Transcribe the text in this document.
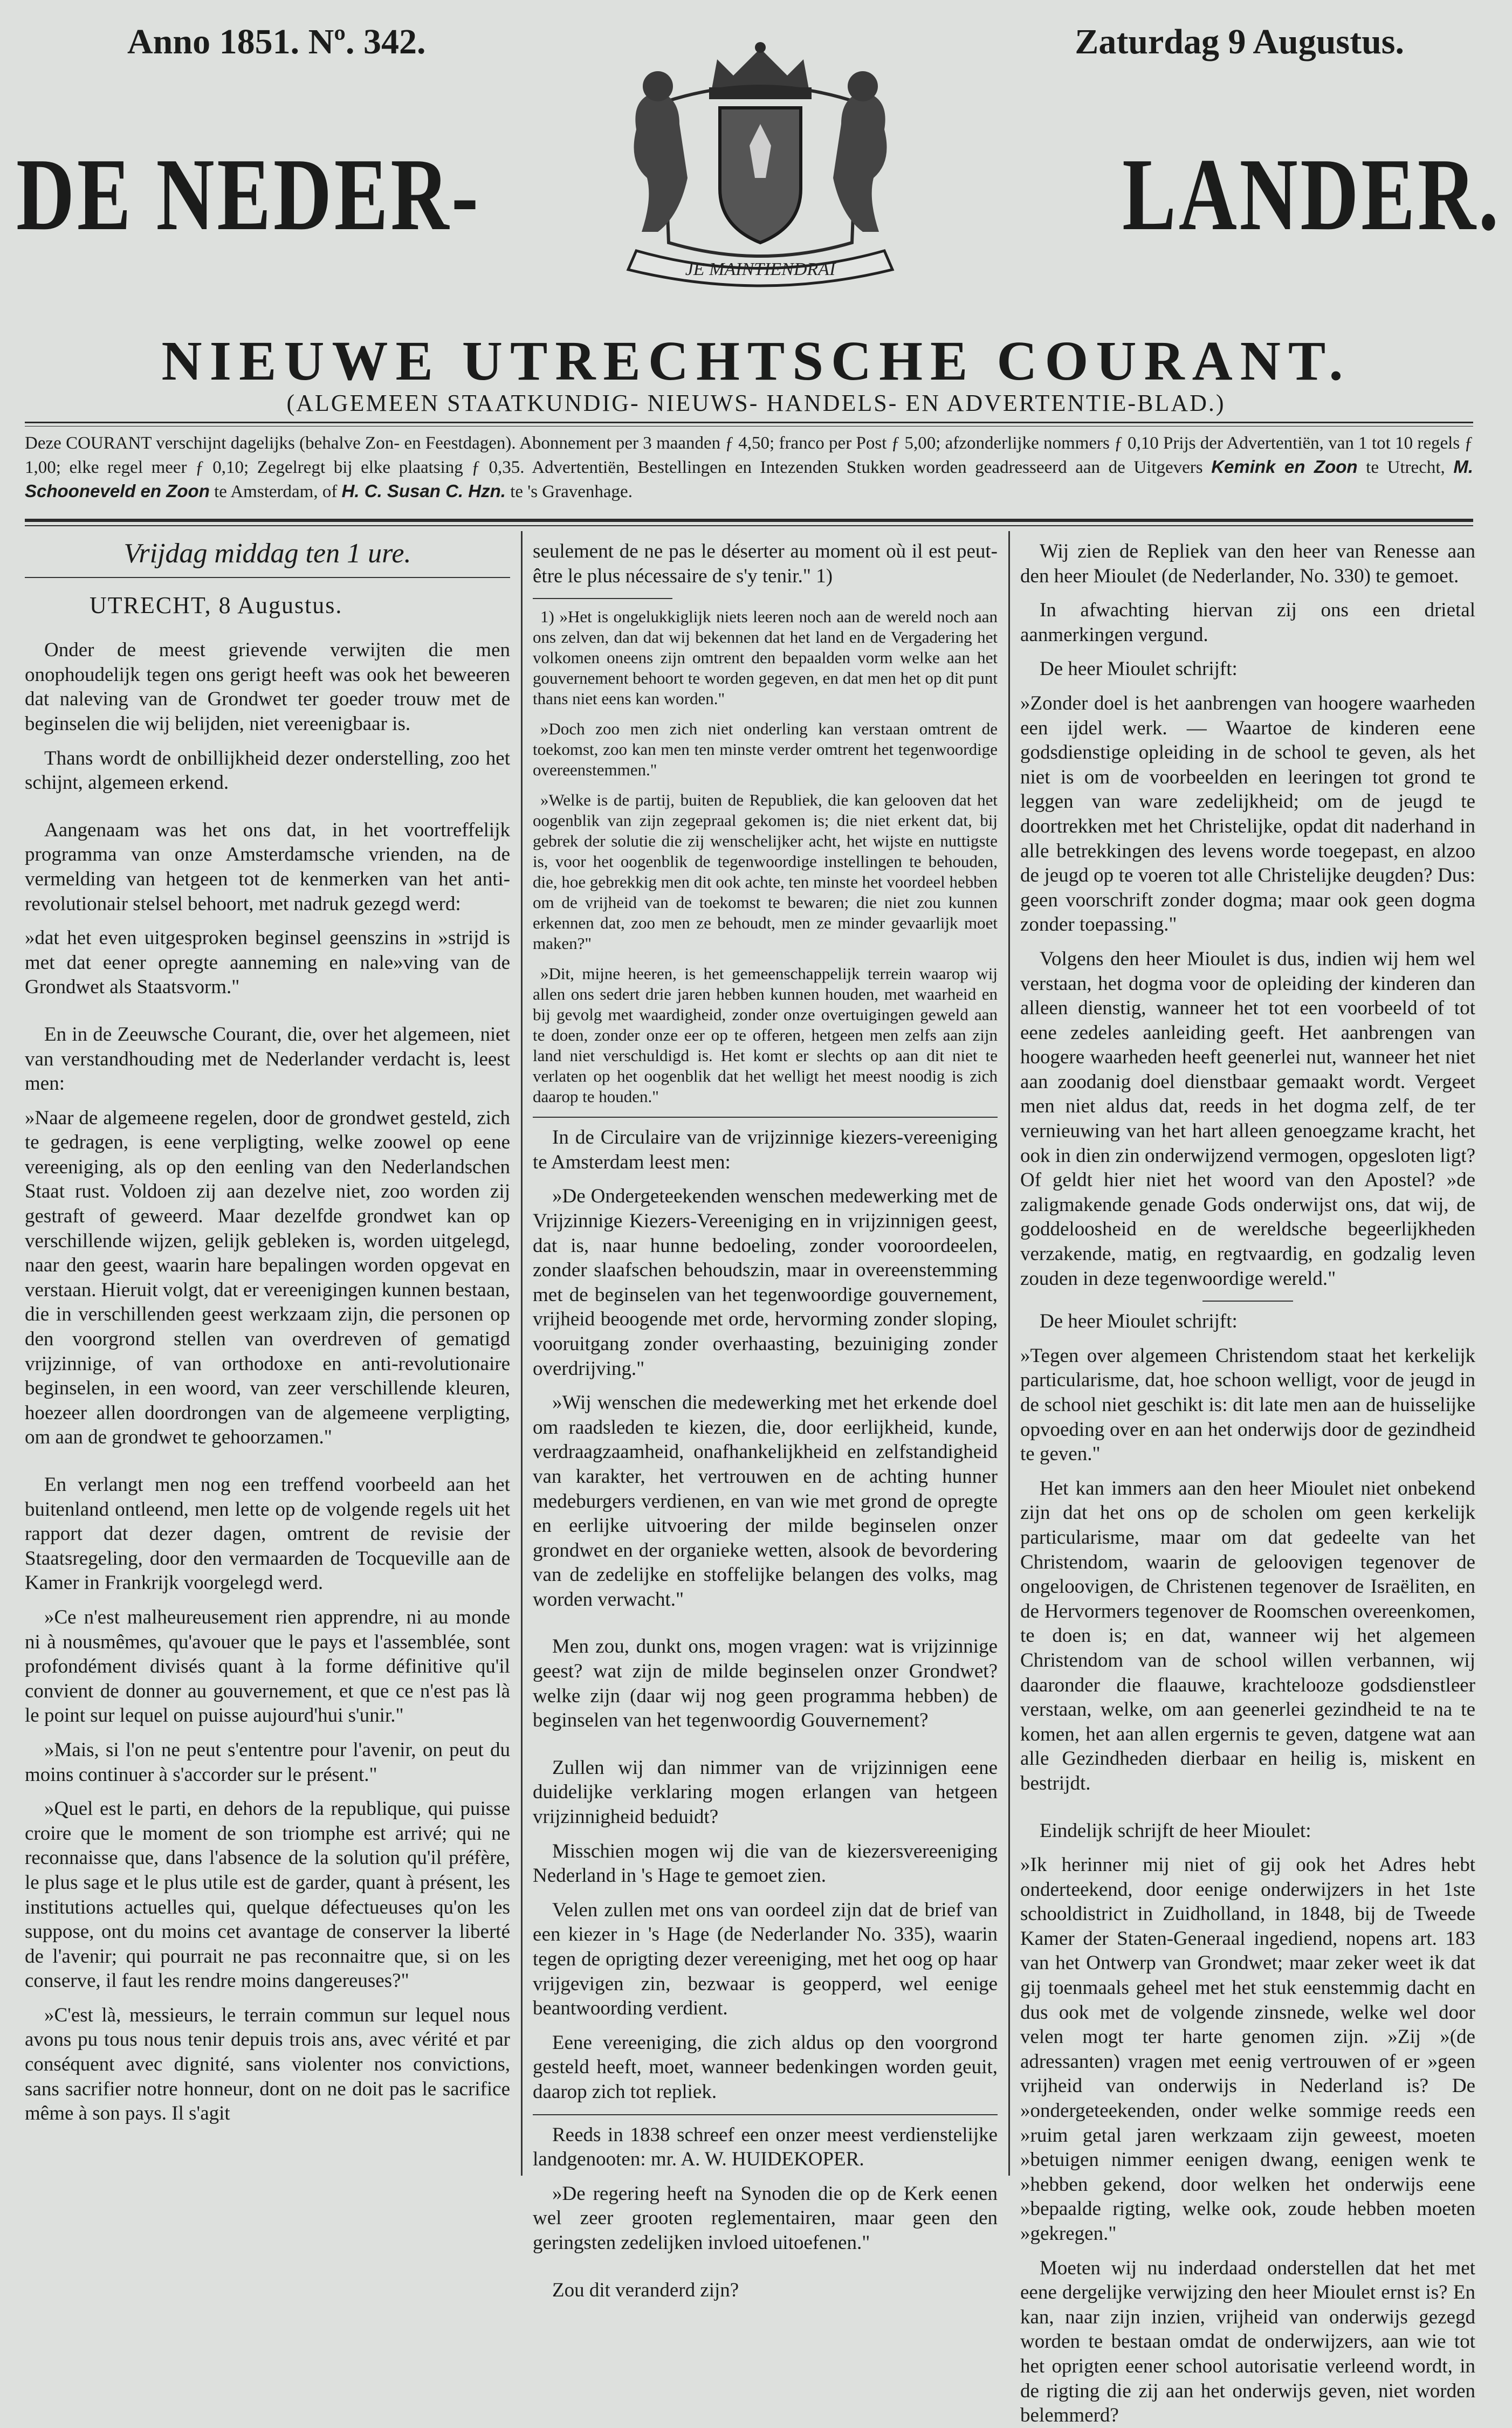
Anno 1851. Nº. 342.	Zaturdag 9 Augustus.
DE NEDER-	LANDER.
JE MAINTIENDRAI
NIEUWE UTRECHTSCHE COURANT.
(ALGEMEEN STAATKUNDIG- NIEUWS- HANDELS- EN ADVERTENTIE-BLAD.)
Deze COURANT verschijnt dagelijks (behalve Zon- en Feestdagen). Abonnement per 3 maanden ƒ 4,50; franco per Post ƒ 5,00; afzonderlijke nommers ƒ 0,10 Prijs der Advertentiën, van 1 tot 10 regels ƒ 1,00; elke regel meer ƒ 0,10; Zegelregt bij elke plaatsing ƒ 0,35. Advertentiën, Bestellingen en Intezenden Stukken worden geadresseerd aan de Uitgevers Kemink en Zoon te Utrecht, M. Schooneveld en Zoon te Amsterdam, of H. C. Susan C. Hzn. te 's Gravenhage.

Vrijdag middag ten 1 ure.

UTRECHT, 8 Augustus.

Onder de meest grievende verwijten die men onophoudelijk tegen ons gerigt heeft was ook het beweeren dat naleving van de Grondwet ter goeder trouw met de beginselen die wij belijden, niet vereenigbaar is.

Thans wordt de onbillijkheid dezer onderstelling, zoo het schijnt, algemeen erkend.

Aangenaam was het ons dat, in het voortreffelijk programma van onze Amsterdamsche vrienden, na de vermelding van hetgeen tot de kenmerken van het anti-revolutionair stelsel behoort, met nadruk gezegd werd:

»dat het even uitgesproken beginsel geenszins in »strijd is met dat eener opregte aanneming en nale»ving van de Grondwet als Staatsvorm."

En in de Zeeuwsche Courant, die, over het algemeen, niet van verstandhouding met de Nederlander verdacht is, leest men:

»Naar de algemeene regelen, door de grondwet gesteld, zich te gedragen, is eene verpligting, welke zoowel op eene vereeniging, als op den eenling van den Nederlandschen Staat rust. Voldoen zij aan dezelve niet, zoo worden zij gestraft of geweerd. Maar dezelfde grondwet kan op verschillende wijzen, gelijk gebleken is, worden uitgelegd, naar den geest, waarin hare bepalingen worden opgevat en verstaan. Hieruit volgt, dat er vereenigingen kunnen bestaan, die in verschillenden geest werkzaam zijn, die personen op den voorgrond stellen van overdreven of gematigd vrijzinnige, of van orthodoxe en anti-revolutionaire beginselen, in een woord, van zeer verschillende kleuren, hoezeer allen doordrongen van de algemeene verpligting, om aan de grondwet te gehoorzamen."

En verlangt men nog een treffend voorbeeld aan het buitenland ontleend, men lette op de volgende regels uit het rapport dat dezer dagen, omtrent de revisie der Staatsregeling, door den vermaarden de Tocqueville aan de Kamer in Frankrijk voorgelegd werd.

»Ce n'est malheureusement rien apprendre, ni au monde ni à nousmêmes, qu'avouer que le pays et l'assemblée, sont profondément divisés quant à la forme définitive qu'il convient de donner au gouvernement, et que ce n'est pas là le point sur lequel on puisse aujourd'hui s'unir."

»Mais, si l'on ne peut s'ententre pour l'avenir, on peut du moins continuer à s'accorder sur le présent."

»Quel est le parti, en dehors de la republique, qui puisse croire que le moment de son triomphe est arrivé; qui ne reconnaisse que, dans l'absence de la solution qu'il préfère, le plus sage et le plus utile est de garder, quant à présent, les institutions actuelles qui, quelque défectueuses qu'on les suppose, ont du moins cet avantage de conserver la liberté de l'avenir; qui pourrait ne pas reconnaitre que, si on les conserve, il faut les rendre moins dangereuses?"

»C'est là, messieurs, le terrain commun sur lequel nous avons pu tous nous tenir depuis trois ans, avec vérité et par conséquent avec dignité, sans violenter nos convictions, sans sacrifier notre honneur, dont on ne doit pas le sacrifice même à son pays. Il s'agit

seulement de ne pas le déserter au moment où il est peut-être le plus nécessaire de s'y tenir." 1)

1) »Het is ongelukkiglijk niets leeren noch aan de wereld noch aan ons zelven, dan dat wij bekennen dat het land en de Vergadering het volkomen oneens zijn omtrent den bepaalden vorm welke aan het gouvernement behoort te worden gegeven, en dat men het op dit punt thans niet eens kan worden."

»Doch zoo men zich niet onderling kan verstaan omtrent de toekomst, zoo kan men ten minste verder omtrent het tegenwoordige overeenstemmen."

»Welke is de partij, buiten de Republiek, die kan gelooven dat het oogenblik van zijn zegepraal gekomen is; die niet erkent dat, bij gebrek der solutie die zij wenschelijker acht, het wijste en nuttigste is, voor het oogenblik de tegenwoordige instellingen te behouden, die, hoe gebrekkig men dit ook achte, ten minste het voordeel hebben om de vrijheid van de toekomst te bewaren; die niet zou kunnen erkennen dat, zoo men ze behoudt, men ze minder gevaarlijk moet maken?"

»Dit, mijne heeren, is het gemeenschappelijk terrein waarop wij allen ons sedert drie jaren hebben kunnen houden, met waarheid en bij gevolg met waardigheid, zonder onze overtuigingen geweld aan te doen, zonder onze eer op te offeren, hetgeen men zelfs aan zijn land niet verschuldigd is. Het komt er slechts op aan dit niet te verlaten op het oogenblik dat het welligt het meest noodig is zich daarop te houden."

In de Circulaire van de vrijzinnige kiezers-vereeniging te Amsterdam leest men:

»De Ondergeteekenden wenschen medewerking met de Vrijzinnige Kiezers-Vereeniging en in vrijzinnigen geest, dat is, naar hunne bedoeling, zonder vooroordeelen, zonder slaafschen behoudszin, maar in overeenstemming met de beginselen van het tegenwoordige gouvernement, vrijheid beoogende met orde, hervorming zonder sloping, vooruitgang zonder overhaasting, bezuiniging zonder overdrijving."

»Wij wenschen die medewerking met het erkende doel om raadsleden te kiezen, die, door eerlijkheid, kunde, verdraagzaamheid, onafhankelijkheid en zelfstandigheid van karakter, het vertrouwen en de achting hunner medeburgers verdienen, en van wie met grond de opregte en eerlijke uitvoering der milde beginselen onzer grondwet en der organieke wetten, alsook de bevordering van de zedelijke en stoffelijke belangen des volks, mag worden verwacht."

Men zou, dunkt ons, mogen vragen: wat is vrijzinnige geest? wat zijn de milde beginselen onzer Grondwet? welke zijn (daar wij nog geen programma hebben) de beginselen van het tegenwoordig Gouvernement?

Zullen wij dan nimmer van de vrijzinnigen eene duidelijke verklaring mogen erlangen van hetgeen vrijzinnigheid beduidt?

Misschien mogen wij die van de kiezersvereeniging Nederland in 's Hage te gemoet zien.

Velen zullen met ons van oordeel zijn dat de brief van een kiezer in 's Hage (de Nederlander No. 335), waarin tegen de oprigting dezer vereeniging, met het oog op haar vrijgevigen zin, bezwaar is geopperd, wel eenige beantwoording verdient.

Eene vereeniging, die zich aldus op den voorgrond gesteld heeft, moet, wanneer bedenkingen worden geuit, daarop zich tot repliek.

Reeds in 1838 schreef een onzer meest verdienstelijke landgenooten: mr. A. W. HUIDEKOPER.

»De regering heeft na Synoden die op de Kerk eenen wel zeer grooten reglementairen, maar geen den geringsten zedelijken invloed uitoefenen."

Zou dit veranderd zijn?

Wij zien de Repliek van den heer van Renesse aan den heer Mioulet (de Nederlander, No. 330) te gemoet.

In afwachting hiervan zij ons een drietal aanmerkingen vergund.

De heer Mioulet schrijft:

»Zonder doel is het aanbrengen van hoogere waarheden een ijdel werk. — Waartoe de kinderen eene godsdienstige opleiding in de school te geven, als het niet is om de voorbeelden en leeringen tot grond te leggen van ware zedelijkheid; om de jeugd te doortrekken met het Christelijke, opdat dit naderhand in alle betrekkingen des levens worde toegepast, en alzoo de jeugd op te voeren tot alle Christelijke deugden? Dus: geen voorschrift zonder dogma; maar ook geen dogma zonder toepassing."

Volgens den heer Mioulet is dus, indien wij hem wel verstaan, het dogma voor de opleiding der kinderen dan alleen dienstig, wanneer het tot een voorbeeld of tot eene zedeles aanleiding geeft. Het aanbrengen van hoogere waarheden heeft geenerlei nut, wanneer het niet aan zoodanig doel dienstbaar gemaakt wordt. Vergeet men niet aldus dat, reeds in het dogma zelf, de ter vernieuwing van het hart alleen genoegzame kracht, het ook in dien zin onderwijzend vermogen, opgesloten ligt? Of geldt hier niet het woord van den Apostel? »de zaligmakende genade Gods onderwijst ons, dat wij, de goddeloosheid en de wereldsche begeerlijkheden verzakende, matig, en regtvaardig, en godzalig leven zouden in deze tegenwoordige wereld."

De heer Mioulet schrijft:

»Tegen over algemeen Christendom staat het kerkelijk particularisme, dat, hoe schoon welligt, voor de jeugd in de school niet geschikt is: dit late men aan de huisselijke opvoeding over en aan het onderwijs door de gezindheid te geven."

Het kan immers aan den heer Mioulet niet onbekend zijn dat het ons op de scholen om geen kerkelijk particularisme, maar om dat gedeelte van het Christendom, waarin de geloovigen tegenover de ongeloovigen, de Christenen tegenover de Israëliten, en de Hervormers tegenover de Roomschen overeenkomen, te doen is; en dat, wanneer wij het algemeen Christendom van de school willen verbannen, wij daaronder die flaauwe, krachtelooze godsdienstleer verstaan, welke, om aan geenerlei gezindheid te na te komen, het aan allen ergernis te geven, datgene wat aan alle Gezindheden dierbaar en heilig is, miskent en bestrijdt.

Eindelijk schrijft de heer Mioulet:

»Ik herinner mij niet of gij ook het Adres hebt onderteekend, door eenige onderwijzers in het 1ste schooldistrict in Zuidholland, in 1848, bij de Tweede Kamer der Staten-Generaal ingediend, nopens art. 183 van het Ontwerp van Grondwet; maar zeker weet ik dat gij toenmaals geheel met het stuk eenstemmig dacht en dus ook met de volgende zinsnede, welke wel door velen mogt ter harte genomen zijn. »Zij »(de adressanten) vragen met eenig vertrouwen of er »geen vrijheid van onderwijs in Nederland is? De »ondergeteekenden, onder welke sommige reeds een »ruim getal jaren werkzaam zijn geweest, moeten »betuigen nimmer eenigen dwang, eenigen wenk te »hebben gekend, door welken het onderwijs eene »bepaalde rigting, welke ook, zoude hebben moeten »gekregen."

Moeten wij nu inderdaad onderstellen dat het met eene dergelijke verwijzing den heer Mioulet ernst is? En kan, naar zijn inzien, vrijheid van onderwijs gezegd worden te bestaan omdat de onderwijzers, aan wie tot het oprigten eener school autorisatie verleend wordt, in de rigting die zij aan het onderwijs geven, niet worden belemmerd?
